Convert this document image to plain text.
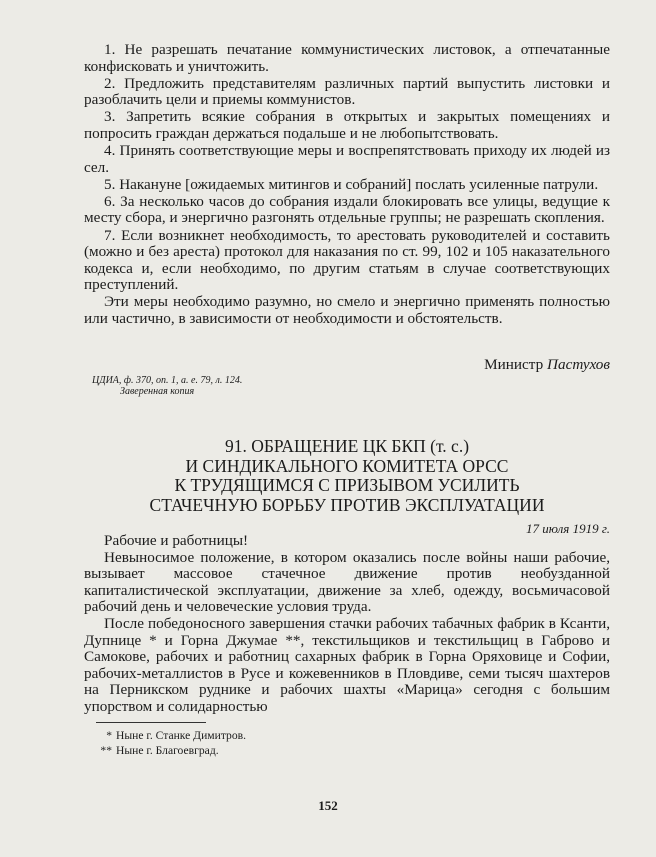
1. Не разрешать печатание коммунистических листовок, а отпечатанные конфисковать и уничтожить.

2. Предложить представителям различных партий выпустить листовки и разоблачить цели и приемы коммунистов.

3. Запретить всякие собрания в открытых и закрытых помещениях и попросить граждан держаться подальше и не любопытствовать.

4. Принять соответствующие меры и воспрепятствовать приходу их людей из сел.

5. Накануне [ожидаемых митингов и собраний] послать усиленные патрули.

6. За несколько часов до собрания издали блокировать все улицы, ведущие к месту сбора, и энергично разгонять отдельные группы; не разрешать скопления.

7. Если возникнет необходимость, то арестовать руководителей и составить (можно и без ареста) протокол для наказания по ст. 99, 102 и 105 наказательного кодекса и, если необходимо, по другим статьям в случае соответствующих преступлений.

Эти меры необходимо разумно, но смело и энергично применять полностью или частично, в зависимости от необходимости и обстоятельств.

Министр Пастухов
ЦДИА, ф. 370, оп. 1, а. е. 79, л. 124.
Заверенная копия
91. ОБРАЩЕНИЕ ЦК БКП (т. с.)
И СИНДИКАЛЬНОГО КОМИТЕТА ОРСС
К ТРУДЯЩИМСЯ С ПРИЗЫВОМ УСИЛИТЬ
СТАЧЕЧНУЮ БОРЬБУ ПРОТИВ ЭКСПЛУАТАЦИИ
17 июля 1919 г.
Рабочие и работницы!

Невыносимое положение, в котором оказались после войны наши рабочие, вызывает массовое стачечное движение против необузданной капиталистической эксплуатации, движение за хлеб, одежду, восьмичасовой рабочий день и человеческие условия труда.

После победоносного завершения стачки рабочих табачных фабрик в Ксанти, Дупнице * и Горна Джумае **, текстильщиков и текстильщиц в Габрово и Самокове, рабочих и работниц сахарных фабрик в Горна Оряховице и Софии, рабочих-металлистов в Русе и кожевенников в Пловдиве, семи тысяч шахтеров на Перникском руднике и рабочих шахты «Марица» сегодня с большим упорством и солидарностью

* Ныне г. Станке Димитров.
** Ныне г. Благоевград.
152
